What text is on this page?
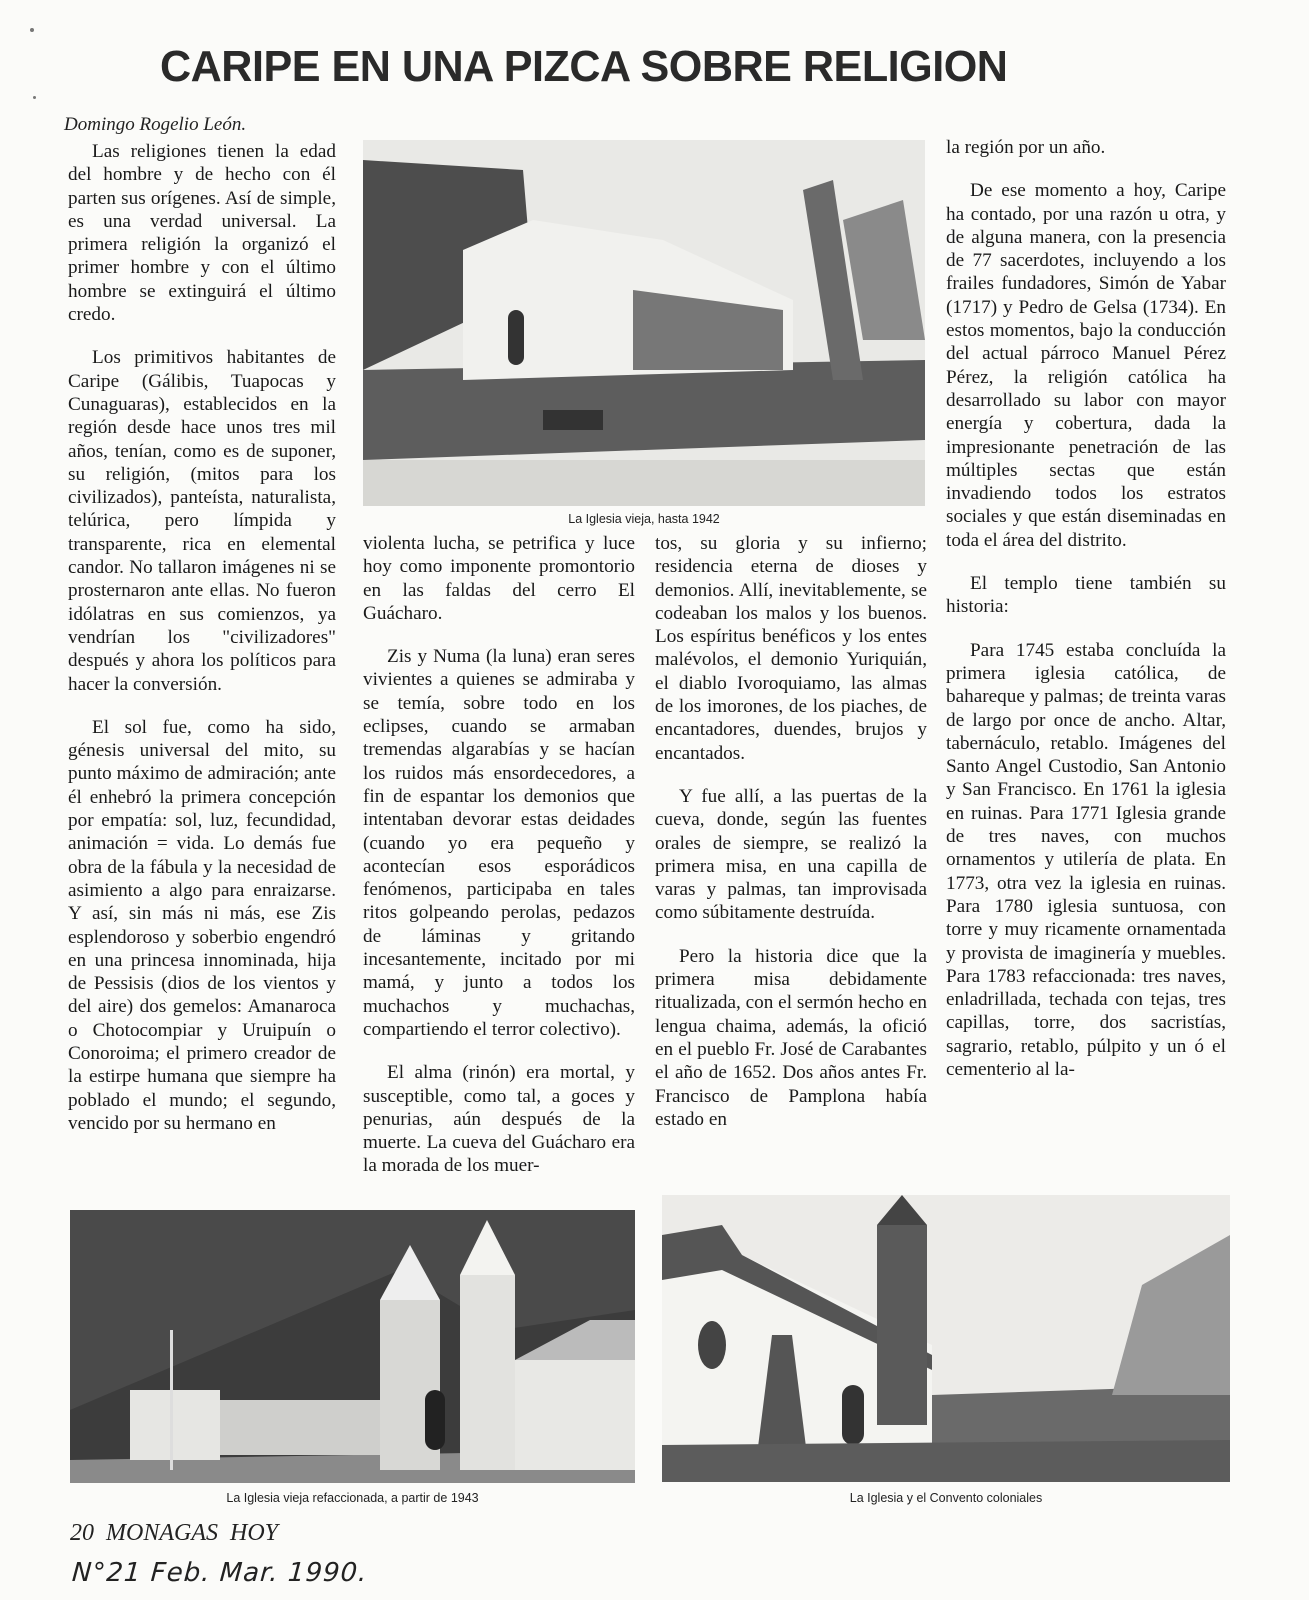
CARIPE EN UNA PIZCA SOBRE RELIGION
Domingo Rogelio León.

Las religiones tienen la edad del hombre y de hecho con él parten sus orígenes. Así de simple, es una verdad universal. La primera religión la organizó el primer hombre y con el último hombre se extinguirá el último credo.

Los primitivos habitantes de Caripe (Gálibis, Tuapocas y Cunaguaras), establecidos en la región desde hace unos tres mil años, tenían, como es de suponer, su religión, (mitos para los civilizados), panteísta, naturalista, telúrica, pero límpida y transparente, rica en elemental candor. No tallaron imágenes ni se prosternaron ante ellas. No fueron idólatras en sus comienzos, ya vendrían los "civilizadores" después y ahora los políticos para hacer la conversión.

El sol fue, como ha sido, génesis universal del mito, su punto máximo de admiración; ante él enhebró la primera concepción por empatía: sol, luz, fecundidad, animación = vida. Lo demás fue obra de la fábula y la necesidad de asimiento a algo para enraizarse. Y así, sin más ni más, ese Zis esplendoroso y soberbio engendró en una princesa innominada, hija de Pessisis (dios de los vientos y del aire) dos gemelos: Amanaroca o Chotocompiar y Uruipuín o Conoroima; el primero creador de la estirpe humana que siempre ha poblado el mundo; el segundo, vencido por su hermano en

La Iglesia vieja, hasta 1942

violenta lucha, se petrifica y luce hoy como imponente promontorio en las faldas del cerro El Guácharo.

Zis y Numa (la luna) eran seres vivientes a quienes se admiraba y se temía, sobre todo en los eclipses, cuando se armaban tremendas algarabías y se hacían los ruidos más ensordecedores, a fin de espantar los demonios que intentaban devorar estas deidades (cuando yo era pequeño y acontecían esos esporádicos fenómenos, participaba en tales ritos golpeando perolas, pedazos de láminas y gritando incesantemente, incitado por mi mamá, y junto a todos los muchachos y muchachas, compartiendo el terror colectivo).

El alma (rinón) era mortal, y susceptible, como tal, a goces y penurias, aún después de la muerte. La cueva del Guácharo era la morada de los muer-

tos, su gloria y su infierno; residencia eterna de dioses y demonios. Allí, inevitablemente, se codeaban los malos y los buenos. Los espíritus benéficos y los entes malévolos, el demonio Yuriquián, el diablo Ivoroquiamo, las almas de los imorones, de los piaches, de encantadores, duendes, brujos y encantados.

Y fue allí, a las puertas de la cueva, donde, según las fuentes orales de siempre, se realizó la primera misa, en una capilla de varas y palmas, tan improvisada como súbitamente destruída.

Pero la historia dice que la primera misa debidamente ritualizada, con el sermón hecho en lengua chaima, además, la ofició en el pueblo Fr. José de Carabantes el año de 1652. Dos años antes Fr. Francisco de Pamplona había estado en

la región por un año.

De ese momento a hoy, Caripe ha contado, por una razón u otra, y de alguna manera, con la presencia de 77 sacerdotes, incluyendo a los frailes fundadores, Simón de Yabar (1717) y Pedro de Gelsa (1734). En estos momentos, bajo la conducción del actual párroco Manuel Pérez Pérez, la religión católica ha desarrollado su labor con mayor energía y cobertura, dada la impresionante penetración de las múltiples sectas que están invadiendo todos los estratos sociales y que están diseminadas en toda el área del distrito.

El templo tiene también su historia:

Para 1745 estaba concluída la primera iglesia católica, de bahareque y palmas; de treinta varas de largo por once de ancho. Altar, tabernáculo, retablo. Imágenes del Santo Angel Custodio, San Antonio y San Francisco. En 1761 la iglesia en ruinas. Para 1771 Iglesia grande de tres naves, con muchos ornamentos y utilería de plata. En 1773, otra vez la iglesia en ruinas. Para 1780 iglesia suntuosa, con torre y muy ricamente ornamentada y provista de imaginería y muebles. Para 1783 refaccionada: tres naves, enladrillada, techada con tejas, tres capillas, torre, dos sacristías, sagrario, retablo, púlpito y un ó el cementerio al la-

La Iglesia vieja refaccionada, a partir de 1943	La Iglesia y el Convento coloniales
20 MONAGAS HOY
N°21 Feb. Mar. 1990.
